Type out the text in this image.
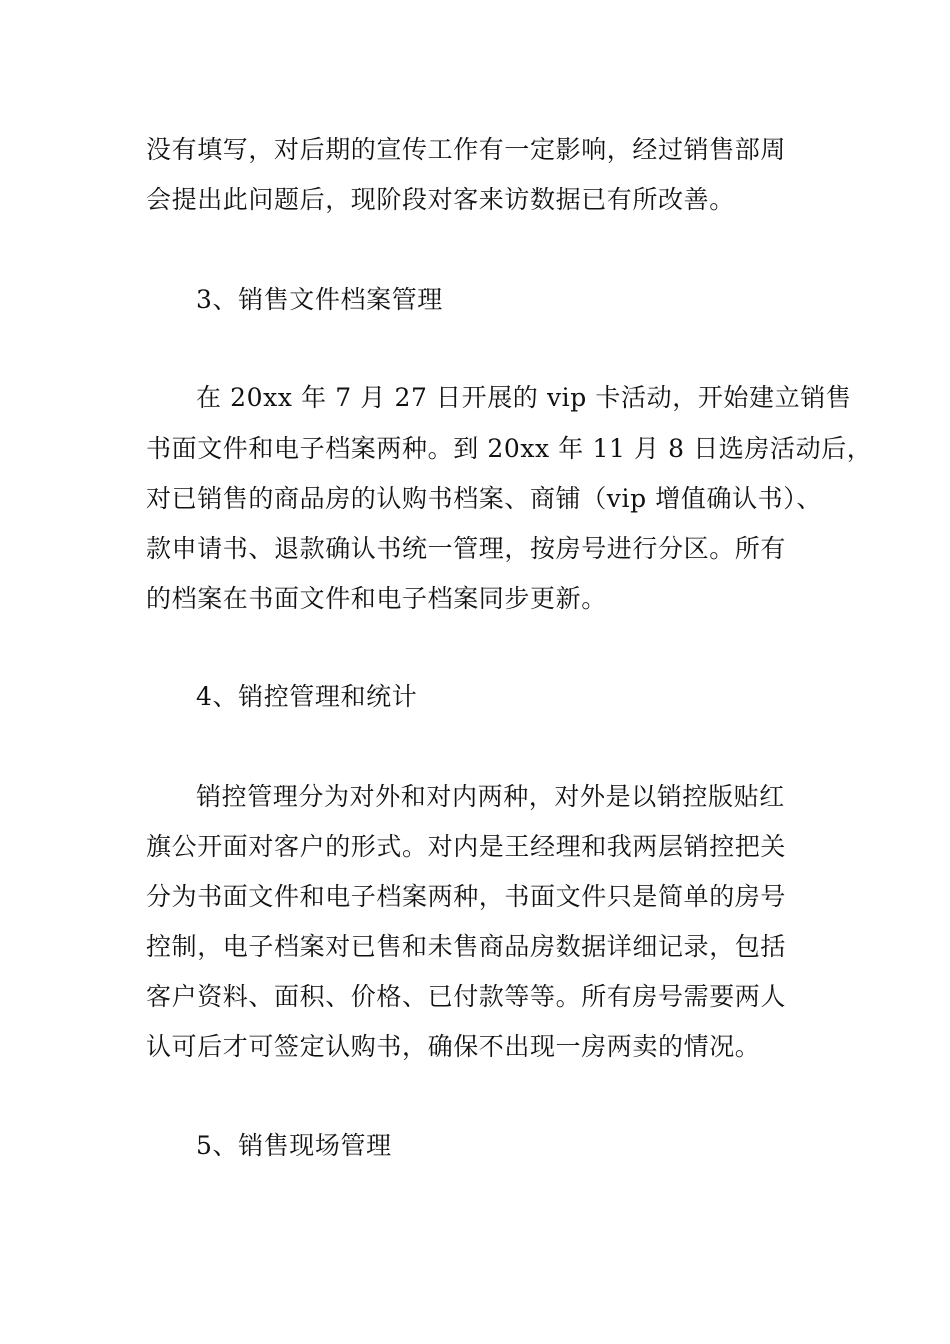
没有填写，对后期的宣传工作有一定影响，经过销售部周
会提出此问题后，现阶段对客来访数据已有所改善。
3、销售文件档案管理
在 20xx 年 7 月 27 日开展的 vip 卡活动，开始建立销售
书面文件和电子档案两种。到 20xx 年 11 月 8 日选房活动后，
对已销售的商品房的认购书档案、商铺（vip 增值确认书）、
款申请书、退款确认书统一管理，按房号进行分区。所有
的档案在书面文件和电子档案同步更新。
4、销控管理和统计
销控管理分为对外和对内两种，对外是以销控版贴红
旗公开面对客户的形式。对内是王经理和我两层销控把关
分为书面文件和电子档案两种，书面文件只是简单的房号
控制，电子档案对已售和未售商品房数据详细记录，包括
客户资料、面积、价格、已付款等等。所有房号需要两人
认可后才可签定认购书，确保不出现一房两卖的情况。
5、销售现场管理
